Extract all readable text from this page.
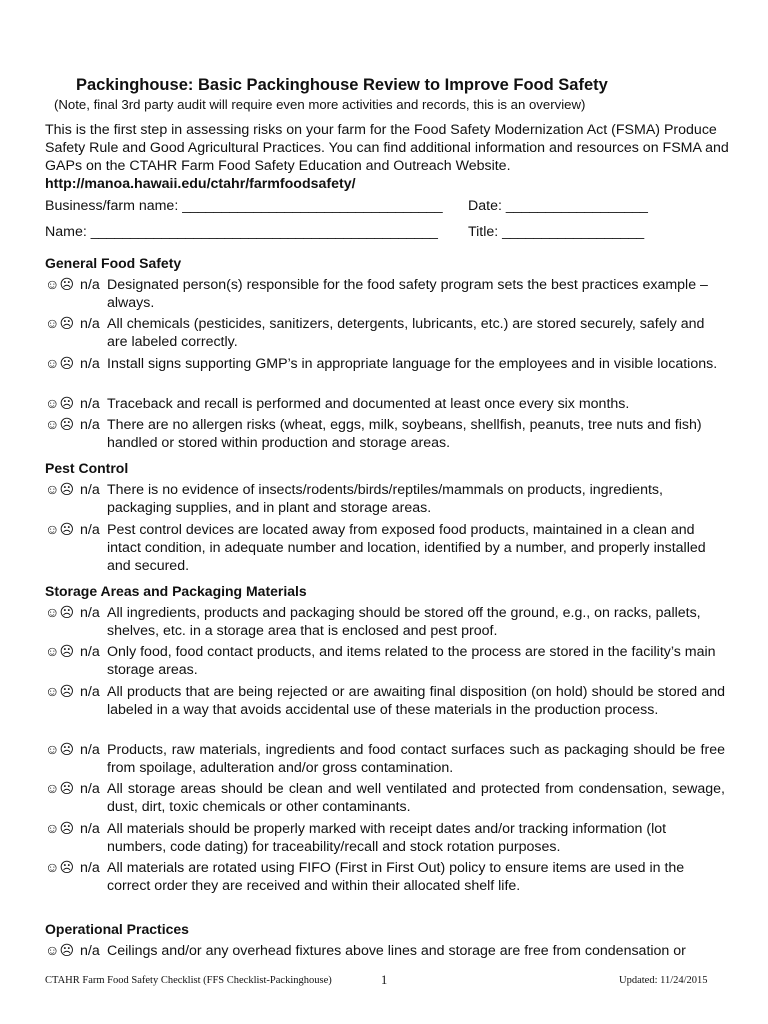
Packinghouse: Basic Packinghouse Review to Improve Food Safety
(Note, final 3rd party audit will require even more activities and records, this is an overview)
This is the first step in assessing risks on your farm for the Food Safety Modernization Act (FSMA) Produce Safety Rule and Good Agricultural Practices. You can find additional information and resources on FSMA and GAPs on the CTAHR Farm Food Safety Education and Outreach Website.
http://manoa.hawaii.edu/ctahr/farmfoodsafety/
Business/farm name: _________________________________ Date: __________________
Name: ____________________________________________ Title: __________________
General Food Safety
☺☹ n/a Designated person(s) responsible for the food safety program sets the best practices example – always.
☺☹ n/a All chemicals (pesticides, sanitizers, detergents, lubricants, etc.) are stored securely, safely and are labeled correctly.
☺☹ n/a Install signs supporting GMP’s in appropriate language for the employees and in visible locations.
☺☹ n/a Traceback and recall is performed and documented at least once every six months.
☺☹ n/a There are no allergen risks (wheat, eggs, milk, soybeans, shellfish, peanuts, tree nuts and fish) handled or stored within production and storage areas.
Pest Control
☺☹ n/a There is no evidence of insects/rodents/birds/reptiles/mammals on products, ingredients, packaging supplies, and in plant and storage areas.
☺☹ n/a Pest control devices are located away from exposed food products, maintained in a clean and intact condition, in adequate number and location, identified by a number, and properly installed and secured.
Storage Areas and Packaging Materials
☺☹ n/a All ingredients, products and packaging should be stored off the ground, e.g., on racks, pallets, shelves, etc. in a storage area that is enclosed and pest proof.
☺☹ n/a Only food, food contact products, and items related to the process are stored in the facility’s main storage areas.
☺☹ n/a All products that are being rejected or are awaiting final disposition (on hold) should be stored and labeled in a way that avoids accidental use of these materials in the production process.
☺☹ n/a Products, raw materials, ingredients and food contact surfaces such as packaging should be free from spoilage, adulteration and/or gross contamination.
☺☹ n/a All storage areas should be clean and well ventilated and protected from condensation, sewage, dust, dirt, toxic chemicals or other contaminants.
☺☹ n/a All materials should be properly marked with receipt dates and/or tracking information (lot numbers, code dating) for traceability/recall and stock rotation purposes.
☺☹ n/a All materials are rotated using FIFO (First in First Out) policy to ensure items are used in the correct order they are received and within their allocated shelf life.
Operational Practices
☺☹ n/a Ceilings and/or any overhead fixtures above lines and storage are free from condensation or
CTAHR Farm Food Safety Checklist (FFS Checklist-Packinghouse)	1	Updated: 11/24/2015
